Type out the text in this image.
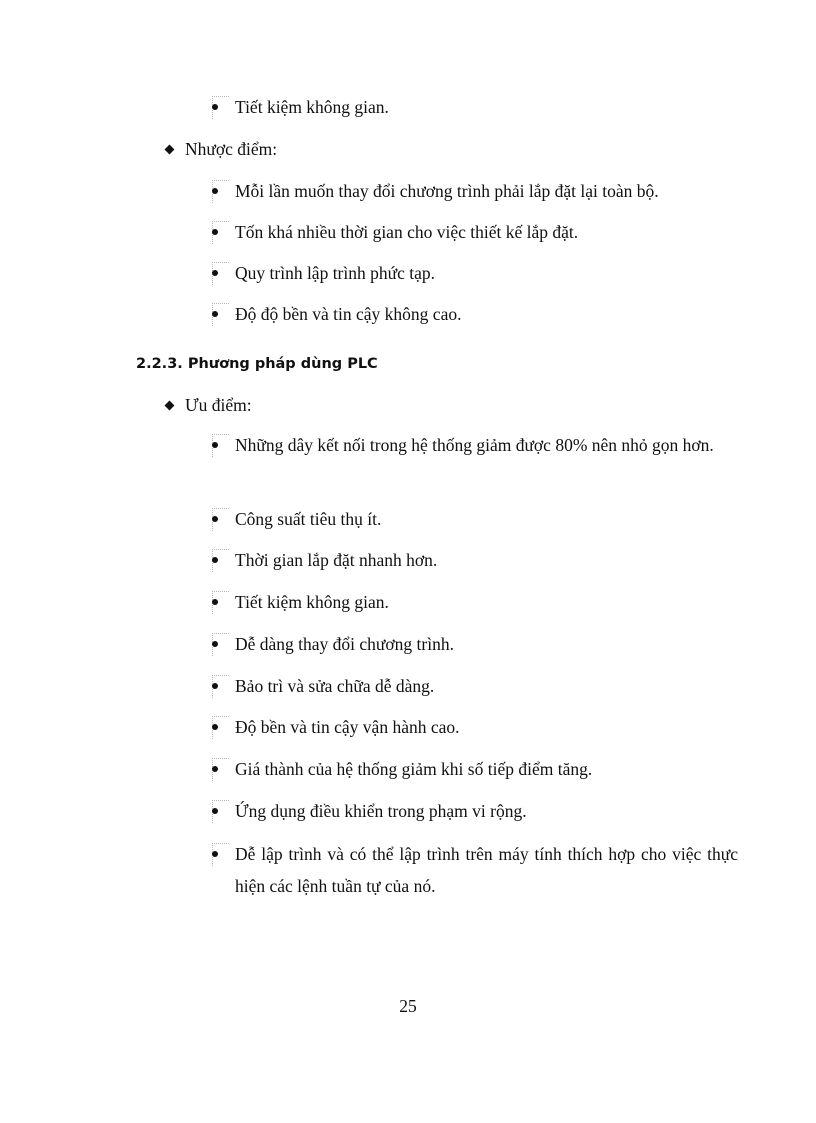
Tiết kiệm không gian.
Nhược điểm:
Mỗi lần muốn thay đổi chương trình phải lắp đặt lại toàn bộ.
Tốn khá nhiều thời gian cho việc thiết kế lắp đặt.
Quy trình lập trình phức tạp.
Độ độ bền và tin cậy không cao.
2.2.3. Phương pháp dùng PLC
Ưu điểm:
Những dây kết nối trong hệ thống giảm được 80% nên nhỏ gọn hơn.
Công suất tiêu thụ ít.
Thời gian lắp đặt nhanh hơn.
Tiết kiệm không gian.
Dễ dàng thay đổi chương trình.
Bảo trì và sửa chữa dễ dàng.
Độ bền và tin cậy vận hành cao.
Giá thành của hệ thống giảm khi số tiếp điểm tăng.
Ứng dụng điều khiển trong phạm vi rộng.
Dễ lập trình và có thể lập trình trên máy tính thích hợp cho việc thực hiện các lệnh tuần tự của nó.
25
